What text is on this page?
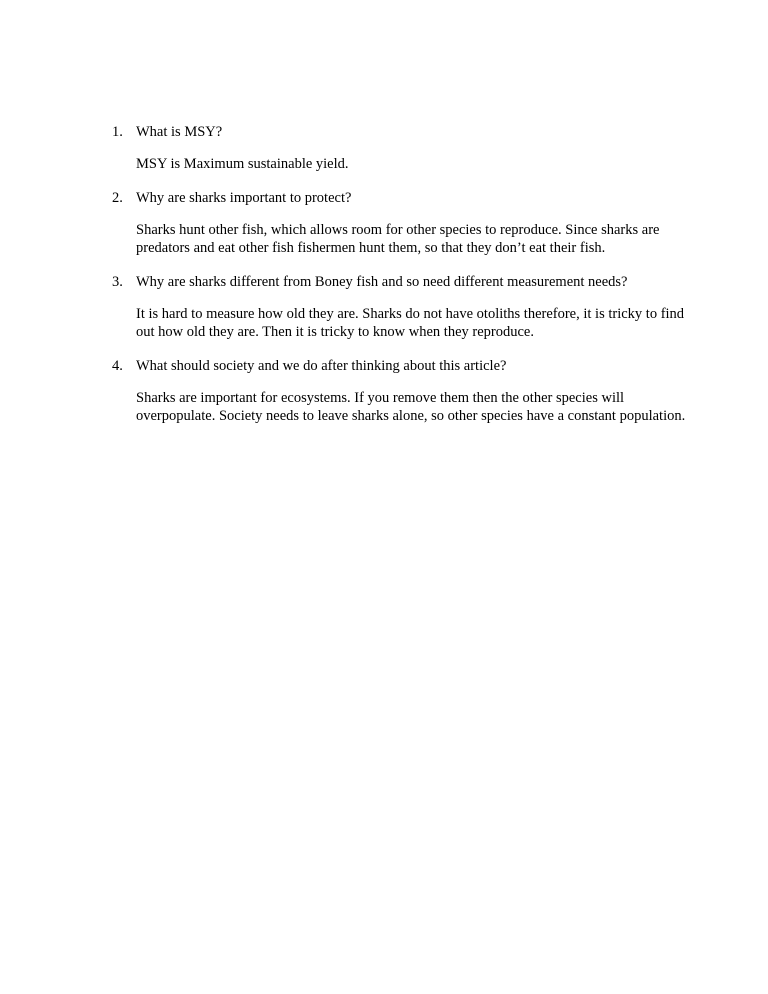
1. What is MSY?

MSY is Maximum sustainable yield.

2. Why are sharks important to protect?

Sharks hunt other fish, which allows room for other species to reproduce. Since sharks are predators and eat other fish fishermen hunt them, so that they don’t eat their fish.

3. Why are sharks different from Boney fish and so need different measurement needs?

It is hard to measure how old they are. Sharks do not have otoliths therefore, it is tricky to find out how old they are. Then it is tricky to know when they reproduce.

4. What should society and we do after thinking about this article?

Sharks are important for ecosystems. If you remove them then the other species will overpopulate. Society needs to leave sharks alone, so other species have a constant population.
